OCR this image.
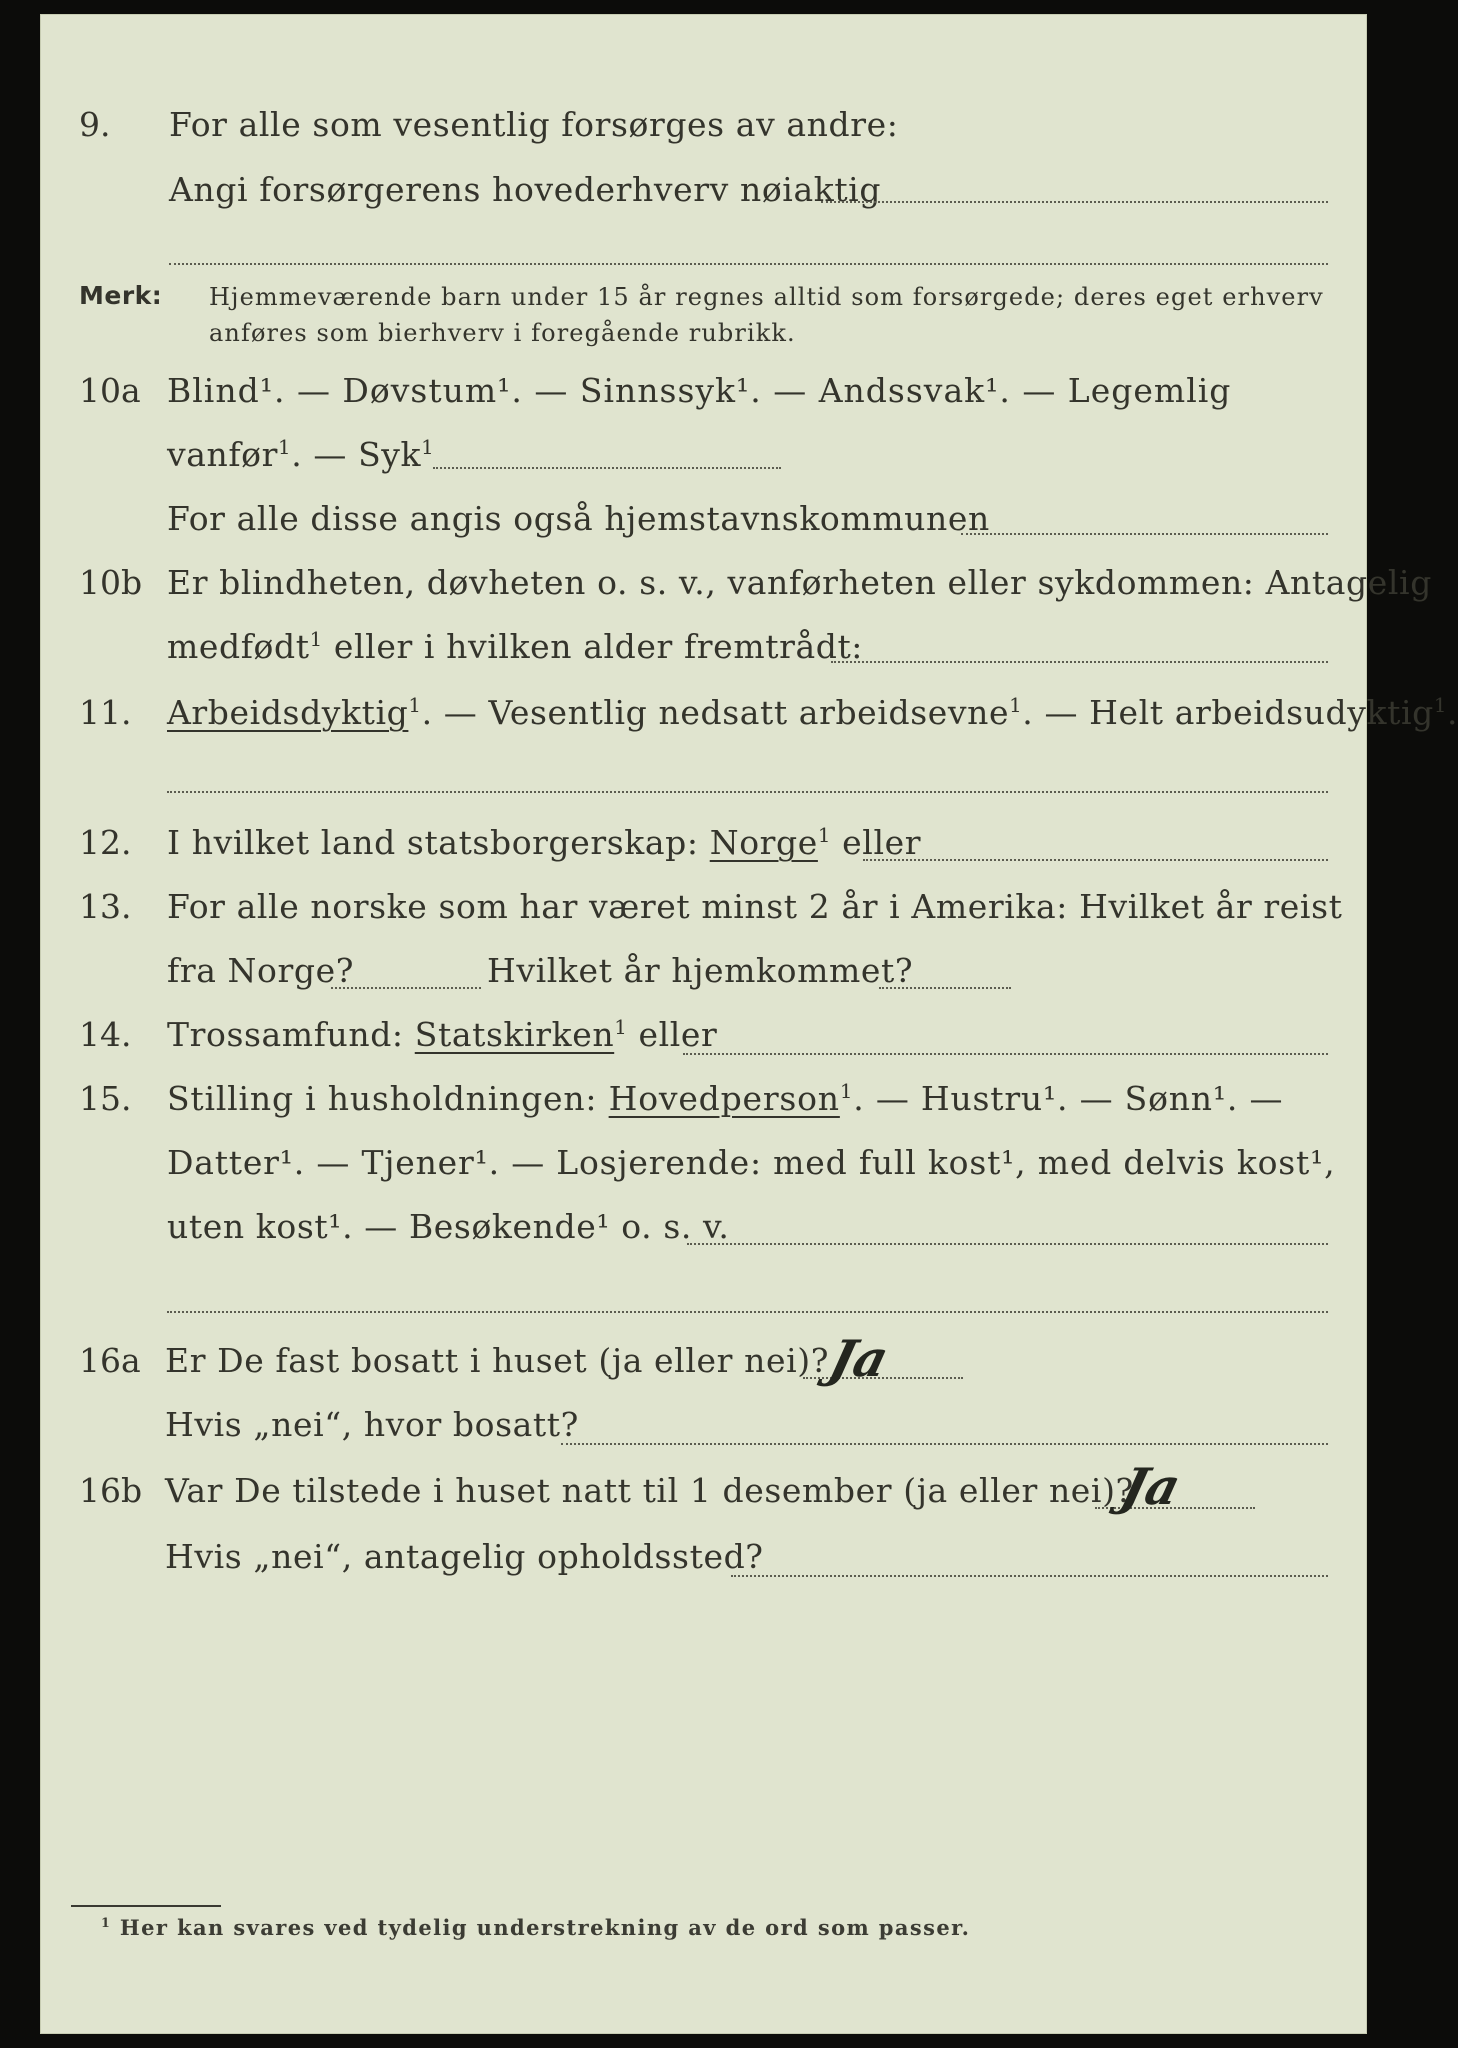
9. For alle som vesentlig forsørges av andre:
Angi forsørgerens hovederhverv nøiaktig
Merk: Hjemmeværende barn under 15 år regnes alltid som forsørgede; deres eget erhverv
anføres som bierhverv i foregående rubrikk.
10a Blind¹. — Døvstum¹. — Sinnssyk¹. — Andssvak¹. — Legemlig
vanfør$^1$. — Syk$^1$
For alle disse angis også hjemstavnskommunen
10b Er blindheten, døvheten o. s. v., vanførheten eller sykdommen: Antagelig
medfødt$^1$ eller i hvilken alder fremtrådt:
11. Arbeidsdyktig$^1$. — Vesentlig nedsatt arbeidsevne$^1$. — Helt arbeidsudyktig$^1$.
12. I hvilket land statsborgerskap: Norge$^1$ eller
13. For alle norske som har været minst 2 år i Amerika: Hvilket år reist
fra Norge?	Hvilket år hjemkommet?
14. Trossamfund: Statskirken$^1$ eller
15. Stilling i husholdningen: Hovedperson$^1$. — Hustru¹. — Sønn¹. —
Datter¹. — Tjener¹. — Losjerende: med full kost¹, med delvis kost¹,
uten kost¹. — Besøkende¹ o. s. v.
16a Er De fast bosatt i huset (ja eller nei)?
Ja
Hvis „nei“, hvor bosatt?
16b Var De tilstede i huset natt til 1 desember (ja eller nei)?
Ja
Hvis „nei“, antagelig opholdssted?
$^1$ Her kan svares ved tydelig understrekning av de ord som passer.
